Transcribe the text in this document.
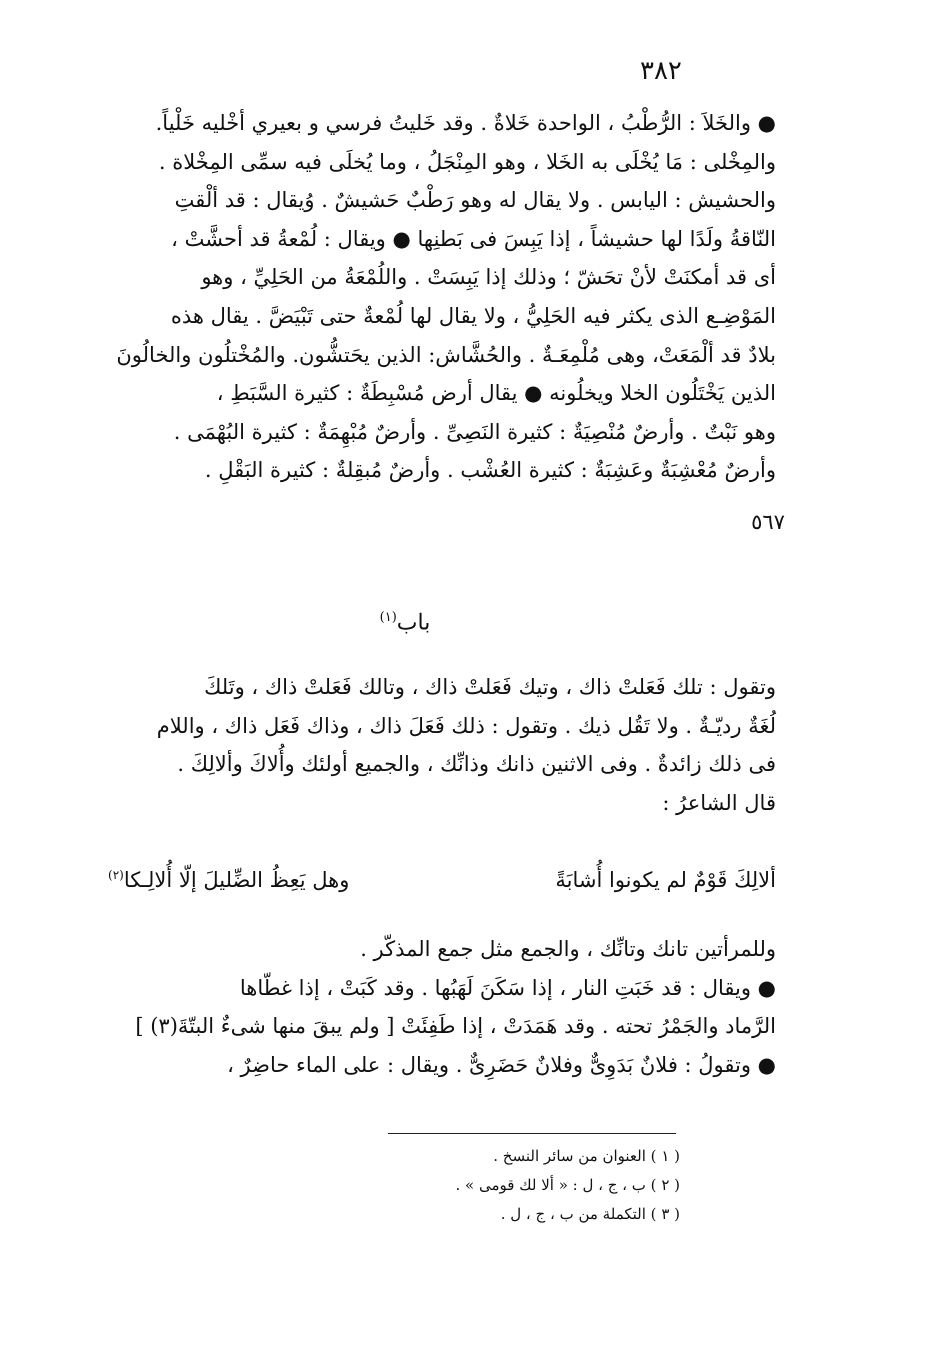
٣٨٢

● والخَلاَ : الرُّطْبُ ، الواحدة خَلاةٌ . وقد خَليتُ فرسي و بعيري أخْليه خَلْياً.

والمِخْلى : مَا يُخْلَى به الخَلا ، وهو المِنْجَلُ ، وما يُخلَى فيه سمِّى المِخْلاة .

والحشيش : اليابس . ولا يقال له وهو رَطْبٌ حَشيشٌ . وُيقال : قد ألْقتِ

النّاقةُ ولَدًا لها حشيشاً ، إذا يَبِسَ فى بَطنِها ● ويقال : لُمْعةُ قد أحشَّتْ ،

أى قد أمكنَتْ لأنْ تحَشّ ؛ وذلك إذا يَبِسَتْ . واللُمْعَةُ من الحَلِيِّ ، وهو

المَوْضِـع الذى يكثر فيه الحَلِيُّ ، ولا يقال لها لُمْعةٌ حتى تَبْيَضَّ . يقال هذه

بلادٌ قد ألْمَعَتْ، وهى مُلْمِعَـةٌ . والحُشَّاش: الذين يحَتشُّون. والمُخْتلُون والخالُونَ

الذين يَخْتَلُون الخلا ويخلُونه ● يقال أرض مُسْبِطَةٌ : كثيرة السَّبَطِ ،

وهو نَبْتٌ . وأرضٌ مُنْصِيَةٌ : كثيرة النَصِىِّ . وأرضٌ مُبْهِمَةٌ : كثيرة البُهْمَى .

وأرضٌ مُعْشِبَةٌ وعَشِبَةٌ : كثيرة العُشْب . وأرضٌ مُبقِلةٌ : كثيرة البَقْلِ .

٥٦٧
باب$^{(١)}$

وتقول : تلك فَعَلتْ ذاك ، وتيك فَعَلتْ ذاك ، وتالك فَعَلتْ ذاك ، وتَلكَ

لُغَةٌ رديّـةٌ . ولا تَقُل ذيك . وتقول : ذلك فَعَلَ ذاك ، وذاك فَعَل ذاك ، واللام

فى ذلك زائدةٌ . وفى الاثنين ذانك وذانِّك ، والجميع أولئك وأُلاكَ وألالِكَ .

قال الشاعرُ :

ألالِكَ قَوْمٌ لم يكونوا أُشابَةً
وهل يَعِظُ الضِّليلَ إلّا أُلالِـكا$^{(٢)}$

وللمرأتين تانك وتانِّك ، والجمع مثل جمع المذكّر .

● ويقال : قد خَبَتِ النار ، إذا سَكَنَ لَهَبُها . وقد كَبَتْ ، إذا غطّاها

الرَّماد والجَمْرُ تحته . وقد هَمَدَتْ ، إذا طَفِئَتْ [ ولم يبقَ منها شىءٌ البتّةَ(٣) ]

● وتقولُ : فلانٌ بَدَوِىٌّ وفلانٌ حَضَرِىٌّ . ويقال : على الماء حاضِرٌ ،

( ١ ) العنوان من سائر النسخ .
( ٢ ) ب ، ج ، ل : « ألا لك قومى » .
( ٣ ) التكملة من ب ، ج ، ل .
